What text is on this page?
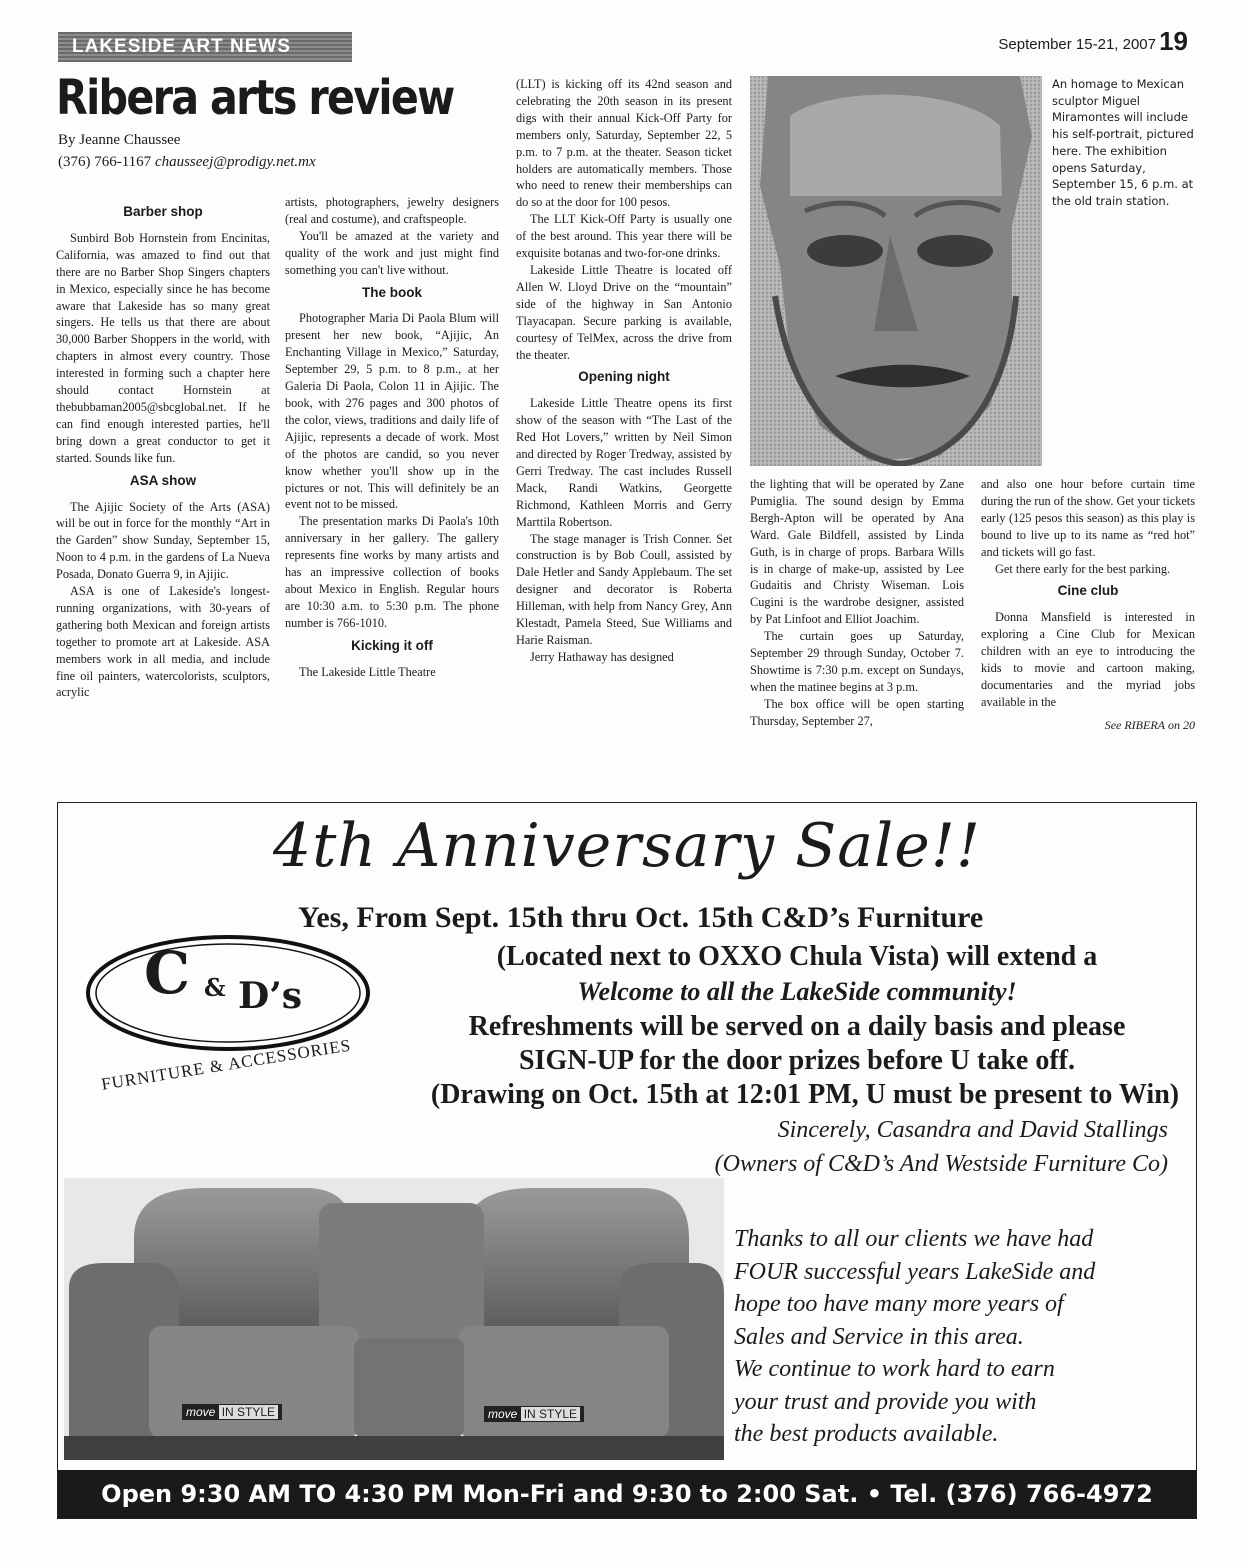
LAKESIDE ART NEWS	September 15-21, 2007 19
Ribera arts review
By Jeanne Chaussee
(376) 766-1167 chausseej@prodigy.net.mx
Barber shop

Sunbird Bob Hornstein from Encinitas, California, was amazed to find out that there are no Barber Shop Singers chapters in Mexico, especially since he has become aware that Lakeside has so many great singers. He tells us that there are about 30,000 Barber Shoppers in the world, with chapters in almost every country. Those interested in forming such a chapter here should contact Hornstein at thebubbaman2005@sbcglobal.net. If he can find enough interested parties, he'll bring down a great conductor to get it started. Sounds like fun.

ASA show

The Ajijic Society of the Arts (ASA) will be out in force for the monthly “Art in the Garden” show Sunday, September 15, Noon to 4 p.m. in the gardens of La Nueva Posada, Donato Guerra 9, in Ajijic.

ASA is one of Lakeside's longest-running organizations, with 30-years of gathering both Mexican and foreign artists together to promote art at Lakeside. ASA members work in all media, and include fine oil painters, watercolorists, sculptors, acrylic

artists, photographers, jewelry designers (real and costume), and craftspeople.

You'll be amazed at the variety and quality of the work and just might find something you can't live without.

The book

Photographer Maria Di Paola Blum will present her new book, “Ajijic, An Enchanting Village in Mexico,” Saturday, September 29, 5 p.m. to 8 p.m., at her Galeria Di Paola, Colon 11 in Ajijic. The book, with 276 pages and 300 photos of the color, views, traditions and daily life of Ajijic, represents a decade of work. Most of the photos are candid, so you never know whether you'll show up in the pictures or not. This will definitely be an event not to be missed.

The presentation marks Di Paola's 10th anniversary in her gallery. The gallery represents fine works by many artists and has an impressive collection of books about Mexico in English. Regular hours are 10:30 a.m. to 5:30 p.m. The phone number is 766-1010.

Kicking it off

The Lakeside Little Theatre

(LLT) is kicking off its 42nd season and celebrating the 20th season in its present digs with their annual Kick-Off Party for members only, Saturday, September 22, 5 p.m. to 7 p.m. at the theater. Season ticket holders are automatically members. Those who need to renew their memberships can do so at the door for 100 pesos.

The LLT Kick-Off Party is usually one of the best around. This year there will be exquisite botanas and two-for-one drinks.

Lakeside Little Theatre is located off Allen W. Lloyd Drive on the “mountain” side of the highway in San Antonio Tlayacapan. Secure parking is available, courtesy of TelMex, across the drive from the theater.

Opening night

Lakeside Little Theatre opens its first show of the season with “The Last of the Red Hot Lovers,” written by Neil Simon and directed by Roger Tredway, assisted by Gerri Tredway. The cast includes Russell Mack, Randi Watkins, Georgette Richmond, Kathleen Morris and Gerry Marttila Robertson.

The stage manager is Trish Conner. Set construction is by Bob Coull, assisted by Dale Hetler and Sandy Applebaum. The set designer and decorator is Roberta Hilleman, with help from Nancy Grey, Ann Klestadt, Pamela Steed, Sue Williams and Harie Raisman.

Jerry Hathaway has designed

An homage to Mexican sculptor Miguel Miramontes will include his self-portrait, pictured here. The exhibition opens Saturday, September 15, 6 p.m. at the old train station.

the lighting that will be operated by Zane Pumiglia. The sound design by Emma Bergh-Apton will be operated by Ana Ward. Gale Bildfell, assisted by Linda Guth, is in charge of props. Barbara Wills is in charge of make-up, assisted by Lee Gudaitis and Christy Wiseman. Lois Cugini is the wardrobe designer, assisted by Pat Linfoot and Elliot Joachim.

The curtain goes up Saturday, September 29 through Sunday, October 7. Showtime is 7:30 p.m. except on Sundays, when the matinee begins at 3 p.m.

The box office will be open starting Thursday, September 27,

and also one hour before curtain time during the run of the show. Get your tickets early (125 pesos this season) as this play is bound to live up to its name as “red hot” and tickets will go fast.

Get there early for the best parking.

Cine club

Donna Mansfield is interested in exploring a Cine Club for Mexican children with an eye to introducing the kids to movie and cartoon making, documentaries and the myriad jobs available in the

See RIBERA on 20
4th Anniversary Sale!!
Yes, From Sept. 15th thru Oct. 15th C&D’s Furniture
(Located next to OXXO Chula Vista) will extend a
Welcome to all the LakeSide community!
Refreshments will be served on a daily basis and please
SIGN-UP for the door prizes before U take off.
(Drawing on Oct. 15th at 12:01 PM, U must be present to Win)
Sincerely, Casandra and David Stallings
(Owners of C&D’s And Westside Furniture Co)
C & D’s
FURNITURE & ACCESSORIES
move IN STYLE	move IN STYLE
Thanks to all our clients we have had
FOUR successful years LakeSide and
hope too have many more years of
Sales and Service in this area.
We continue to work hard to earn
your trust and provide you with
the best products available.
Open 9:30 AM TO 4:30 PM Mon-Fri and 9:30 to 2:00 Sat. • Tel. (376) 766-4972
